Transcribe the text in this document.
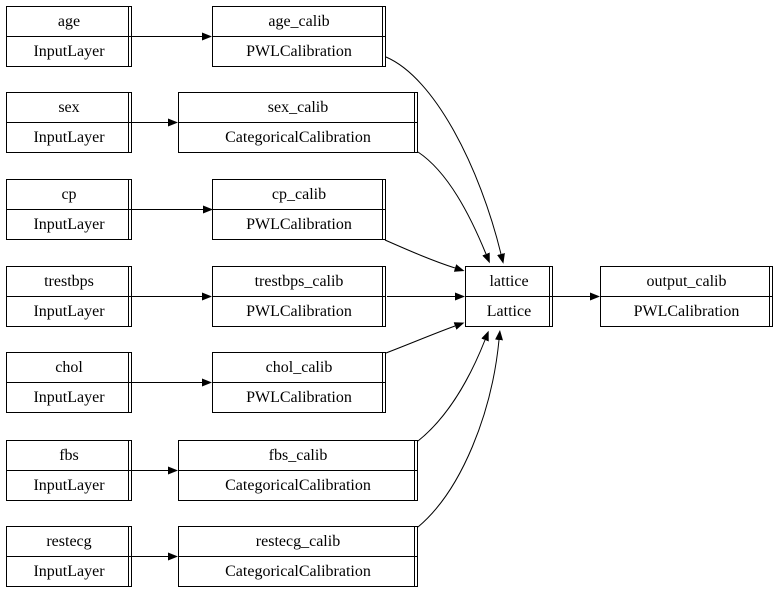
age
InputLayer
age_calib
PWLCalibration
sex
InputLayer
sex_calib
CategoricalCalibration
cp
InputLayer
cp_calib
PWLCalibration
trestbps
InputLayer
trestbps_calib
PWLCalibration
chol
InputLayer
chol_calib
PWLCalibration
fbs
InputLayer
fbs_calib
CategoricalCalibration
restecg
InputLayer
restecg_calib
CategoricalCalibration
lattice
Lattice
output_calib
PWLCalibration
